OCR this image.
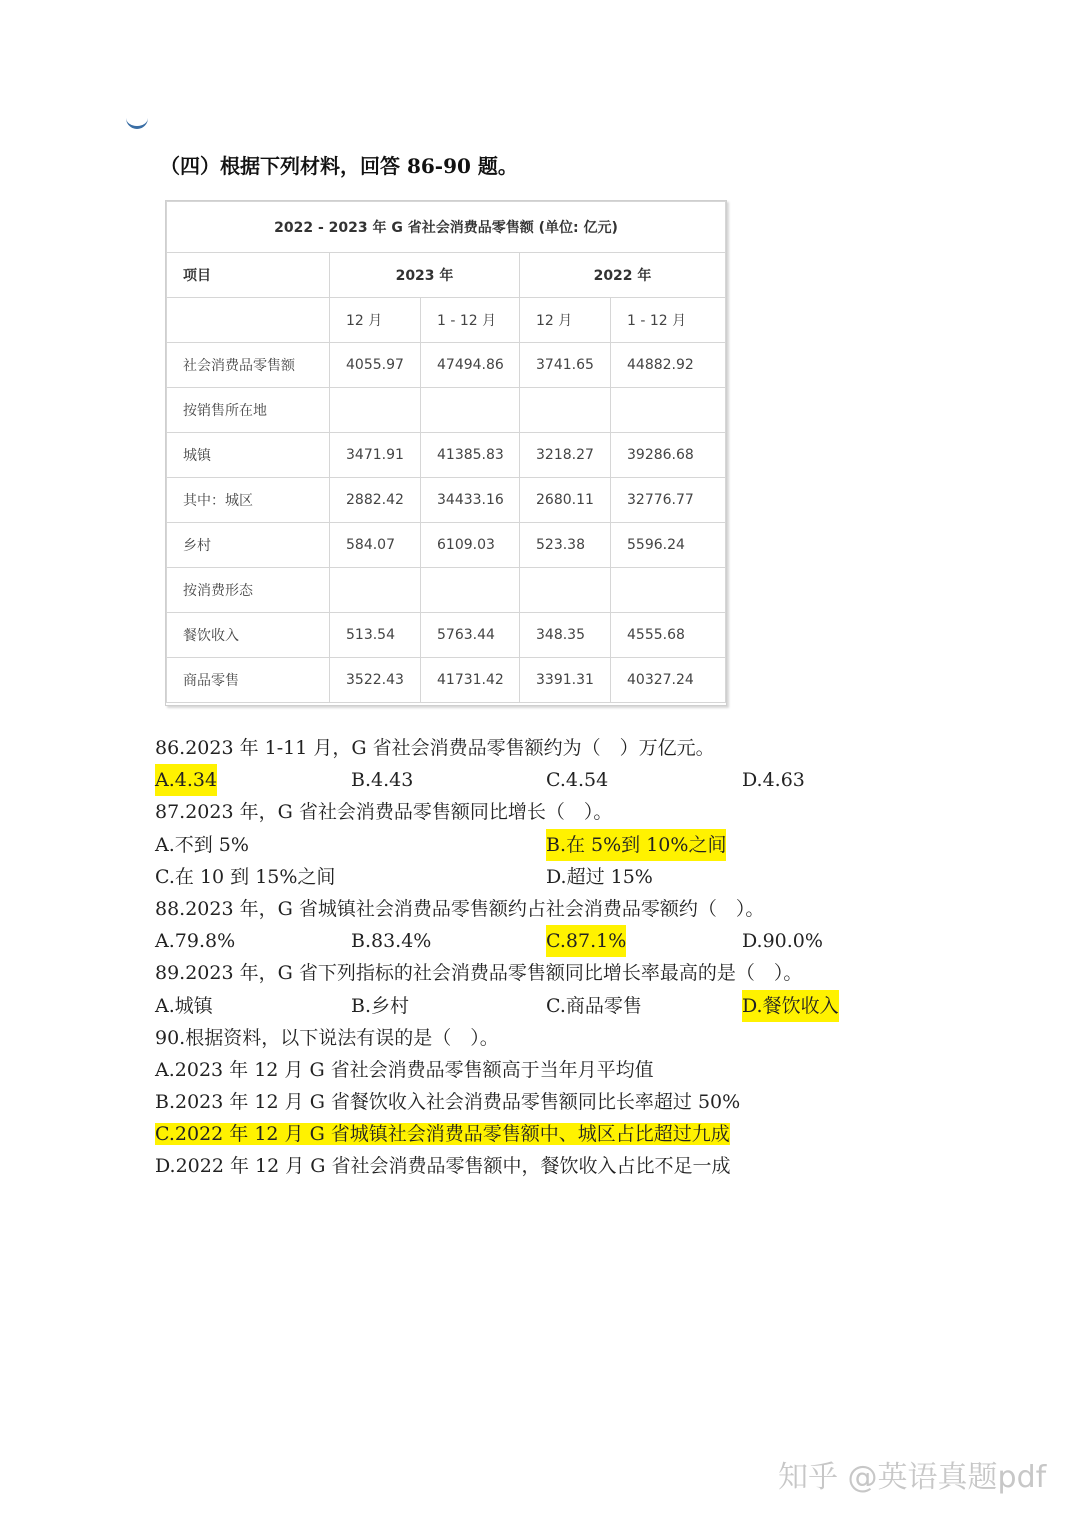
（四）根据下列材料，回答 86-90 题。
2022 - 2023 年 G 省社会消费品零售额 (单位: 亿元)				
项目	2023 年		2022 年	
	12 月	1 - 12 月	12 月	1 - 12 月
社会消费品零售额	4055.97	47494.86	3741.65	44882.92
按销售所在地				
城镇	3471.91	41385.83	3218.27	39286.68
其中：城区	2882.42	34433.16	2680.11	32776.77
乡村	584.07	6109.03	523.38	5596.24
按消费形态				
餐饮收入	513.54	5763.44	348.35	4555.68
商品零售	3522.43	41731.42	3391.31	40327.24
86.2023 年 1-11 月，G 省社会消费品零售额约为（　）万亿元。
A.4.34	B.4.43	C.4.54	D.4.63
87.2023 年，G 省社会消费品零售额同比增长（　）。
A.不到 5%	B.在 5%到 10%之间
C.在 10 到 15%之间	D.超过 15%
88.2023 年，G 省城镇社会消费品零售额约占社会消费品零额约（　）。
A.79.8%	B.83.4%	C.87.1%	D.90.0%
89.2023 年，G 省下列指标的社会消费品零售额同比增长率最高的是（　）。
A.城镇	B.乡村	C.商品零售	D.餐饮收入
90.根据资料，以下说法有误的是（　）。
A.2023 年 12 月 G 省社会消费品零售额高于当年月平均值
B.2023 年 12 月 G 省餐饮收入社会消费品零售额同比长率超过 50%
C.2022 年 12 月 G 省城镇社会消费品零售额中、城区占比超过九成
D.2022 年 12 月 G 省社会消费品零售额中，餐饮收入占比不足一成
知乎 @英语真题pdf
